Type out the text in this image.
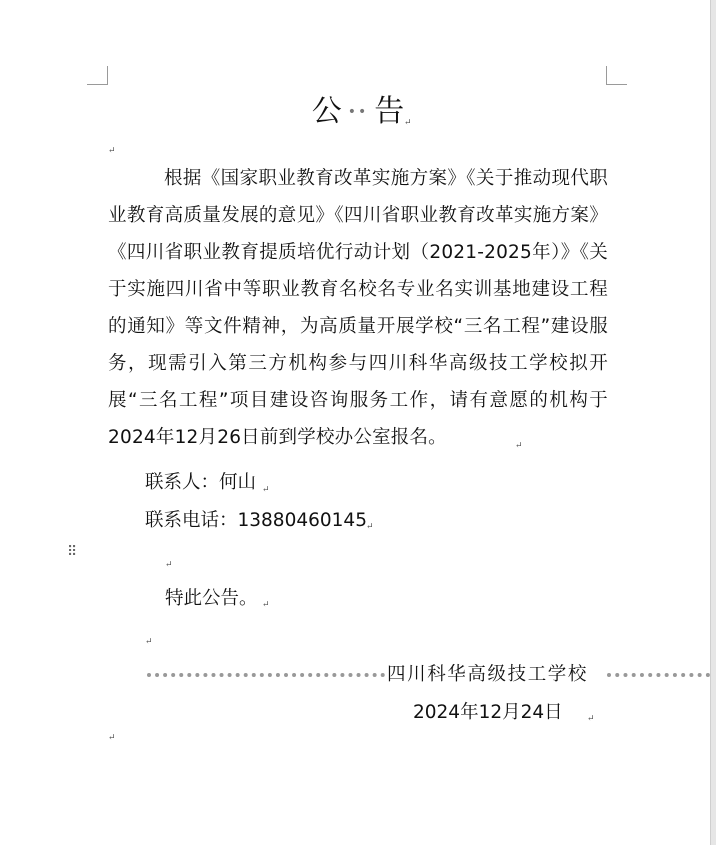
公 •• 告 ↵
↵
根据《国家职业教育改革实施方案》《关于推动现代职业教育高质量发展的意见》《四川省职业教育改革实施方案》《四川省职业教育提质培优行动计划（2021-2025年）》《关于实施四川省中等职业教育名校名专业名实训基地建设工程的通知》等文件精神，为高质量开展学校“三名工程”建设服务，现需引入第三方机构参与四川科华高级技工学校拟开展“三名工程”项目建设咨询服务工作，请有意愿的机构于2024年12月26日前到学校办公室报名。	↵
联系人：何山 ↵
联系电话：13880460145 ↵
⠿
↵
特此公告。 ↵
↵
四川科华高级技工学校
2024年12月24日	↵
↵
